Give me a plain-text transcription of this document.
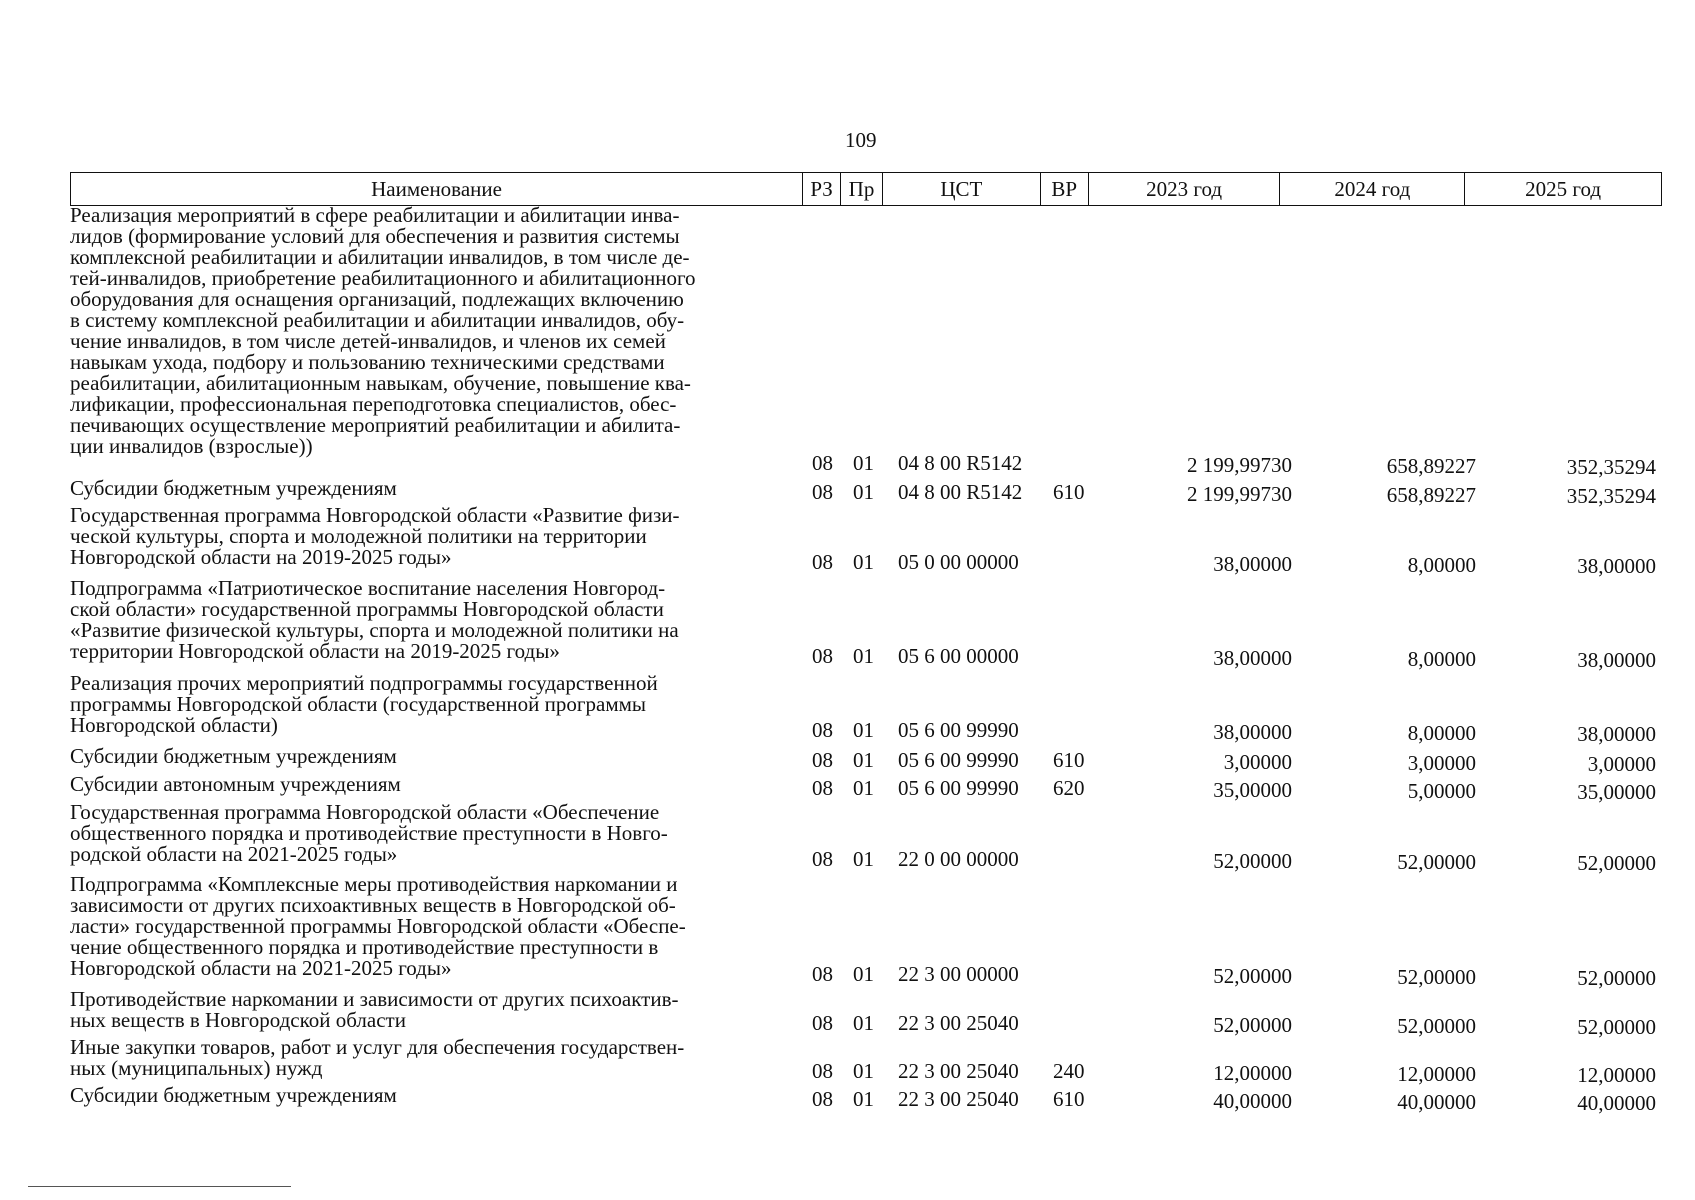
109
Наименование	РЗ Пр	ЦСТ	ВР	2023 год	2024 год	2025 год
Реализация мероприятий в сфере реабилитации и абилитации инва-
лидов (формирование условий для обеспечения и развития системы
комплексной реабилитации и абилитации инвалидов, в том числе де-
тей-инвалидов, приобретение реабилитационного и абилитационного
оборудования для оснащения организаций, подлежащих включению
в систему комплексной реабилитации и абилитации инвалидов, обу-
чение инвалидов, в том числе детей-инвалидов, и членов их семей
навыкам ухода, подбору и пользованию техническими средствами
реабилитации, абилитационным навыкам, обучение, повышение ква-
лификации, профессиональная переподготовка специалистов, обес-
печивающих осуществление мероприятий реабилитации и абилита-
ции инвалидов (взрослые))
08 01 04 8 00 R5142	2 199,99730	658,89227	352,35294
Субсидии бюджетным учреждениям	08 01 04 8 00 R5142 610	2 199,99730	658,89227	352,35294
Государственная программа Новгородской области «Развитие физи-
ческой культуры, спорта и молодежной политики на территории
Новгородской области на 2019-2025 годы»	08 01 05 0 00 00000	38,00000	8,00000	38,00000
Подпрограмма «Патриотическое воспитание населения Новгород-
ской области» государственной программы Новгородской области
«Развитие физической культуры, спорта и молодежной политики на
территории Новгородской области на 2019-2025 годы»	08 01 05 6 00 00000	38,00000	8,00000	38,00000
Реализация прочих мероприятий подпрограммы государственной
программы Новгородской области (государственной программы
Новгородской области)	08 01 05 6 00 99990	38,00000	8,00000	38,00000
Субсидии бюджетным учреждениям	08 01 05 6 00 99990 610	3,00000	3,00000	3,00000
Субсидии автономным учреждениям	08 01 05 6 00 99990 620	35,00000	5,00000	35,00000
Государственная программа Новгородской области «Обеспечение
общественного порядка и противодействие преступности в Новго-
родской области на 2021-2025 годы»	08 01 22 0 00 00000	52,00000	52,00000	52,00000
Подпрограмма «Комплексные меры противодействия наркомании и
зависимости от других психоактивных веществ в Новгородской об-
ласти» государственной программы Новгородской области «Обеспе-
чение общественного порядка и противодействие преступности в
Новгородской области на 2021-2025 годы»	08 01 22 3 00 00000	52,00000	52,00000	52,00000
Противодействие наркомании и зависимости от других психоактив-
ных веществ в Новгородской области	08 01 22 3 00 25040	52,00000	52,00000	52,00000
Иные закупки товаров, работ и услуг для обеспечения государствен-
ных (муниципальных) нужд	08 01 22 3 00 25040 240	12,00000	12,00000	12,00000
Субсидии бюджетным учреждениям	08 01 22 3 00 25040 610	40,00000	40,00000	40,00000
